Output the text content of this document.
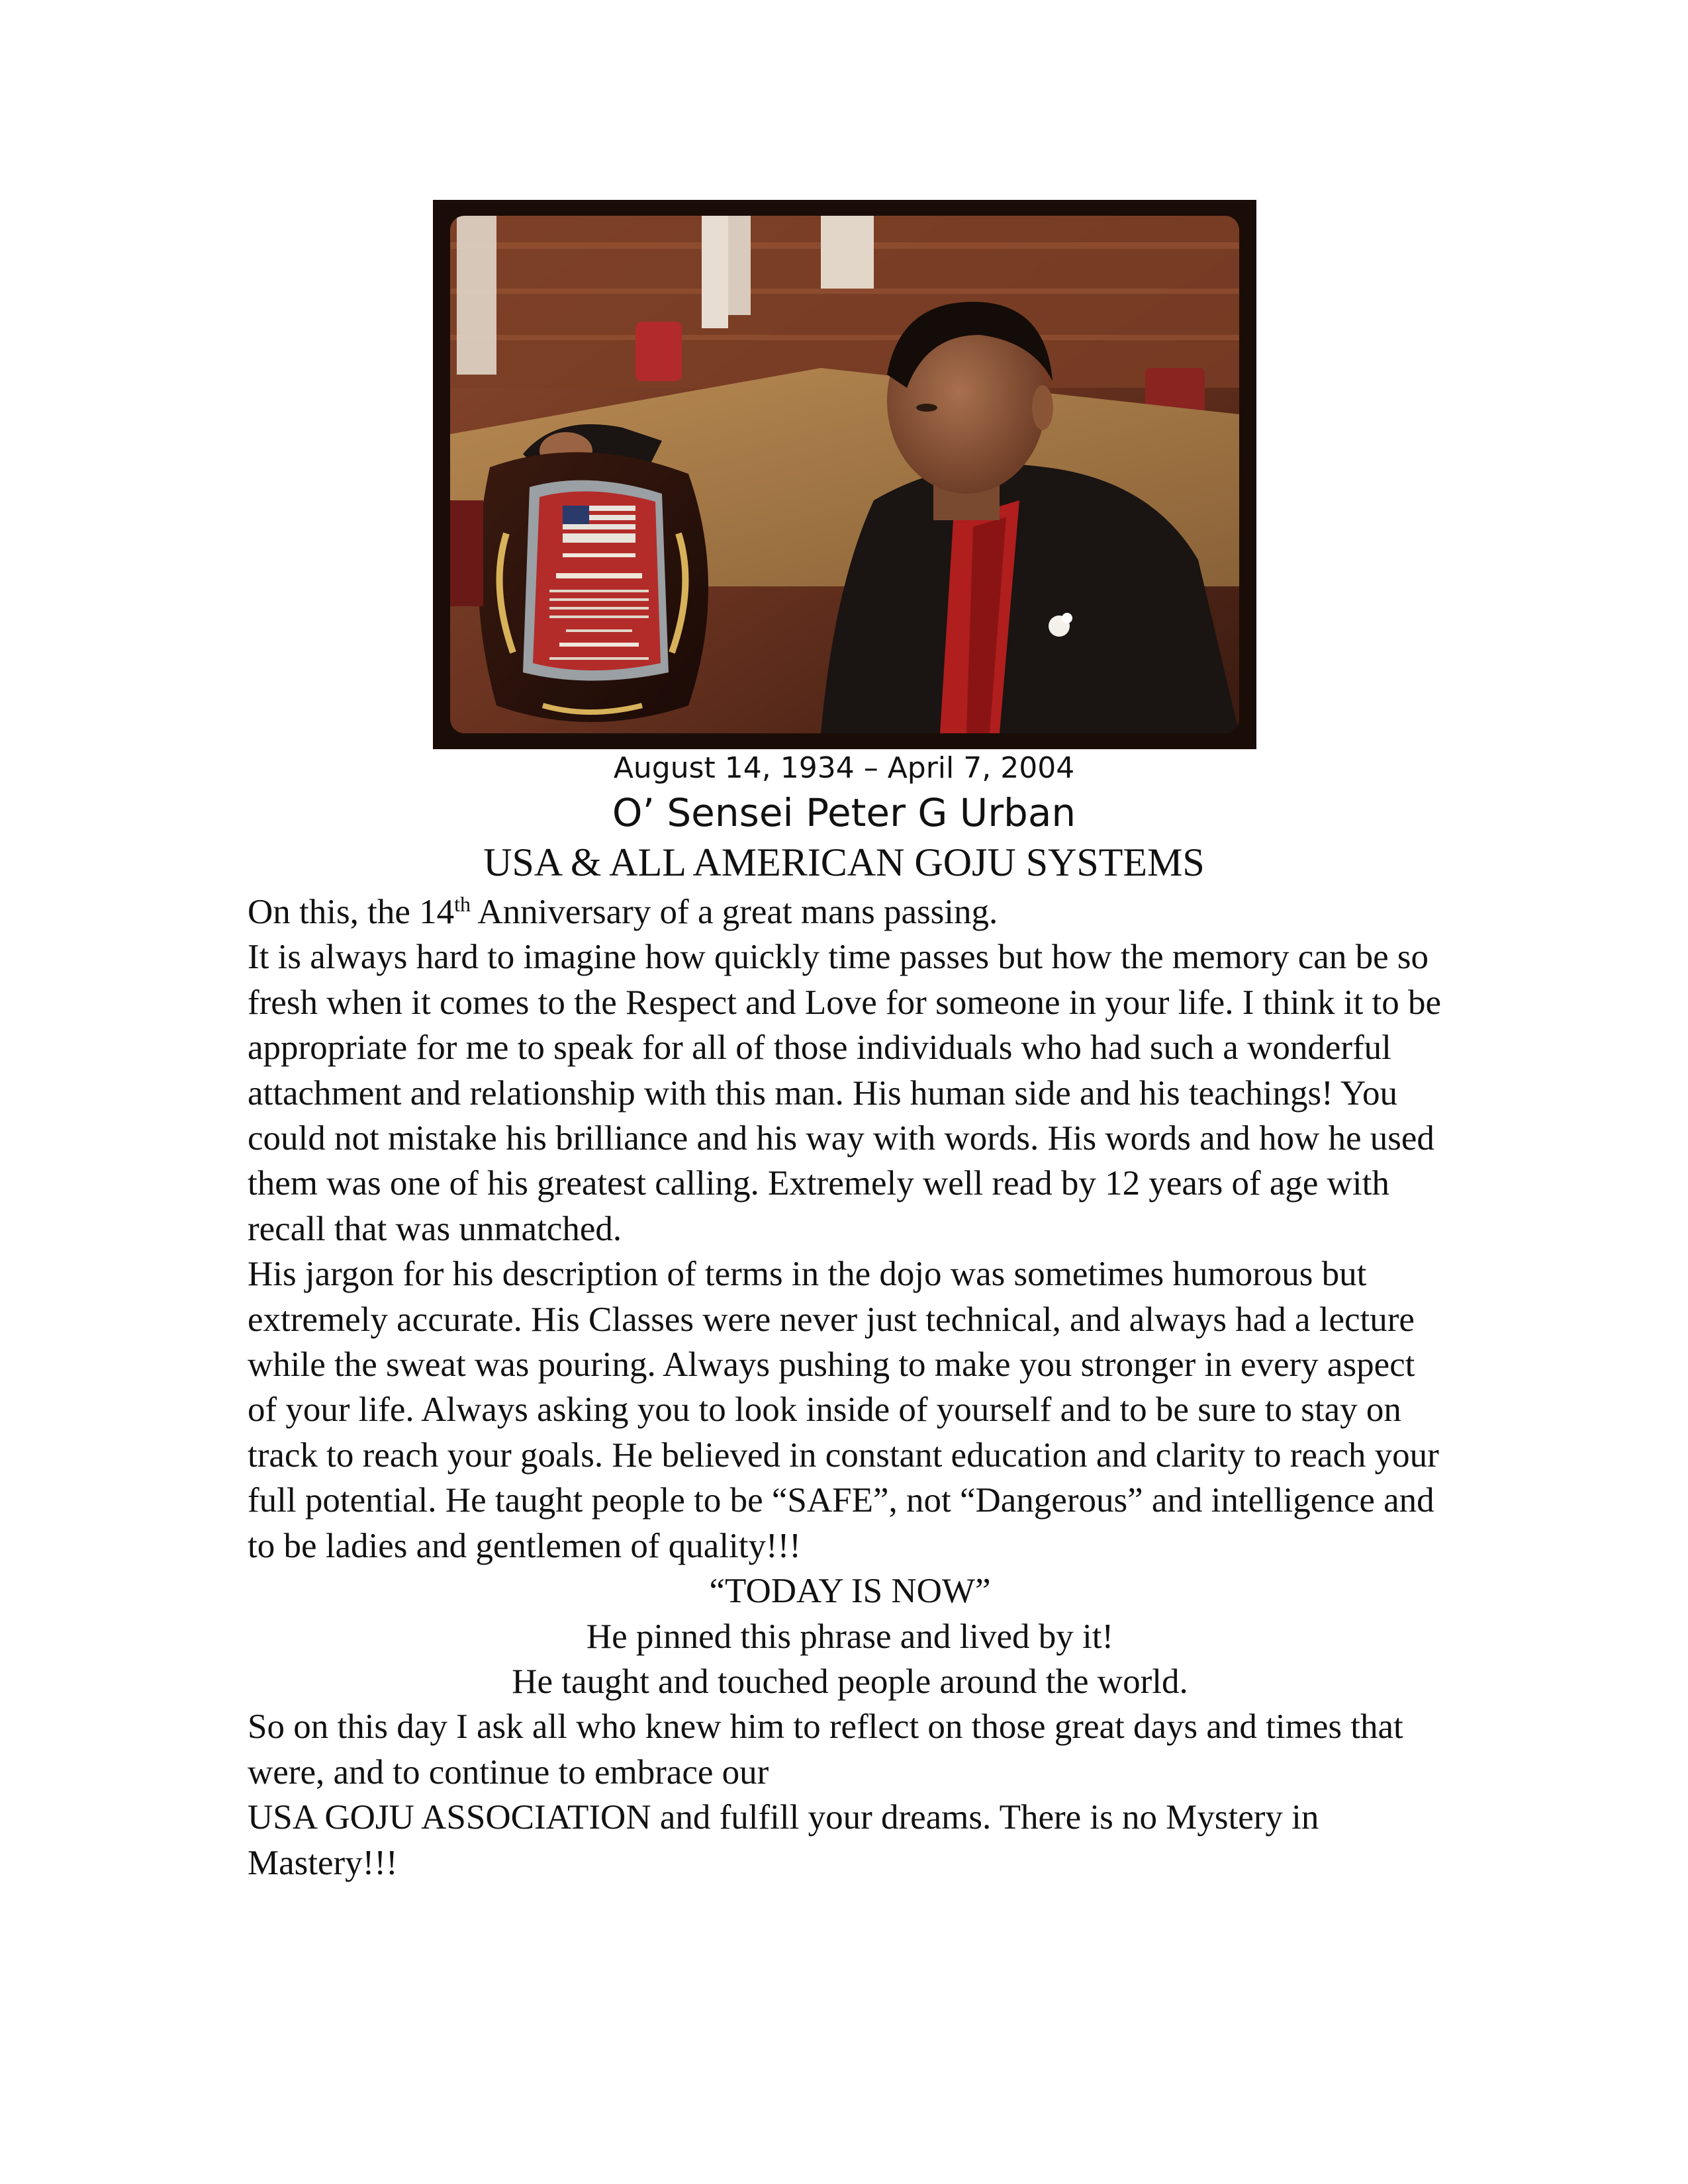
August 14, 1934 – April 7, 2004
O’ Sensei Peter G Urban
USA & ALL AMERICAN GOJU SYSTEMS

On this, the 14th Anniversary of a great mans passing.

It is always hard to imagine how quickly time passes but how the memory can be so fresh when it comes to the Respect and Love for someone in your life. I think it to be appropriate for me to speak for all of those individuals who had such a wonderful attachment and relationship with this man. His human side and his teachings! You could not mistake his brilliance and his way with words. His words and how he used them was one of his greatest calling. Extremely well read by 12 years of age with recall that was unmatched.

His jargon for his description of terms in the dojo was sometimes humorous but extremely accurate. His Classes were never just technical, and always had a lecture while the sweat was pouring. Always pushing to make you stronger in every aspect of your life. Always asking you to look inside of yourself and to be sure to stay on track to reach your goals. He believed in constant education and clarity to reach your full potential. He taught people to be “SAFE”, not “Dangerous” and intelligence and to be ladies and gentlemen of quality!!!

“TODAY IS NOW”

He pinned this phrase and lived by it!

He taught and touched people around the world.

So on this day I ask all who knew him to reflect on those great days and times that were, and to continue to embrace our

USA GOJU ASSOCIATION and fulfill your dreams. There is no Mystery in Mastery!!!
